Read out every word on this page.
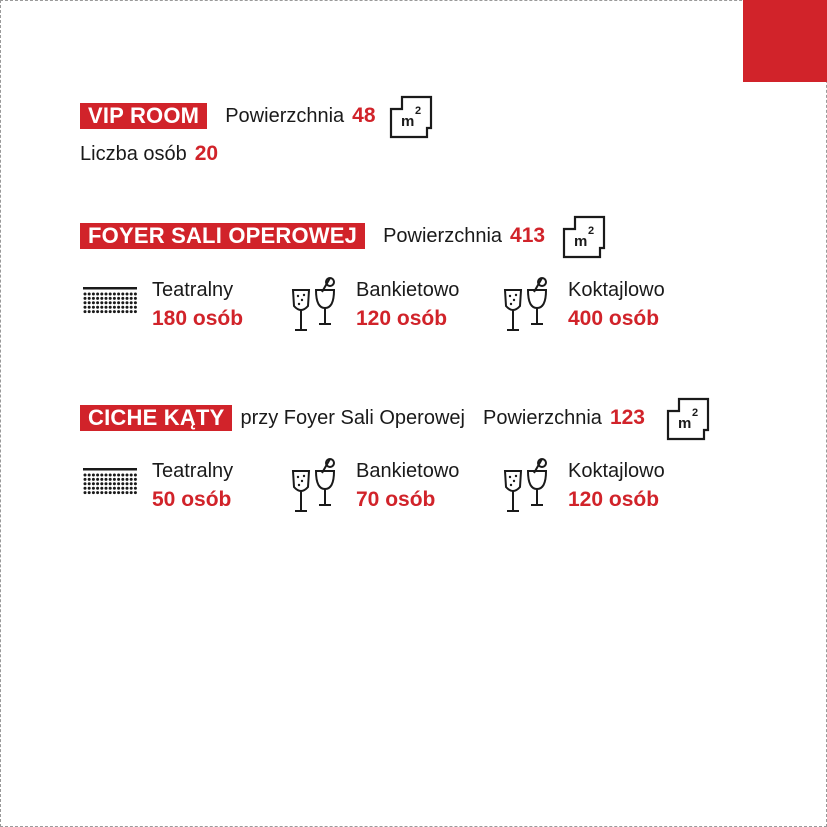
VIP ROOM	Powierzchnia 48 m
2
Liczba osób 20
FOYER SALI OPEROWEJ	Powierzchnia 413 m
2
Teatralny
180 osób
Bankietowo
120 osób
Koktajlowo
400 osób
CICHE KĄTY przy Foyer Sali Operowej Powierzchnia 123 m
2
Teatralny
50 osób
Bankietowo
70 osób
Koktajlowo
120 osób
